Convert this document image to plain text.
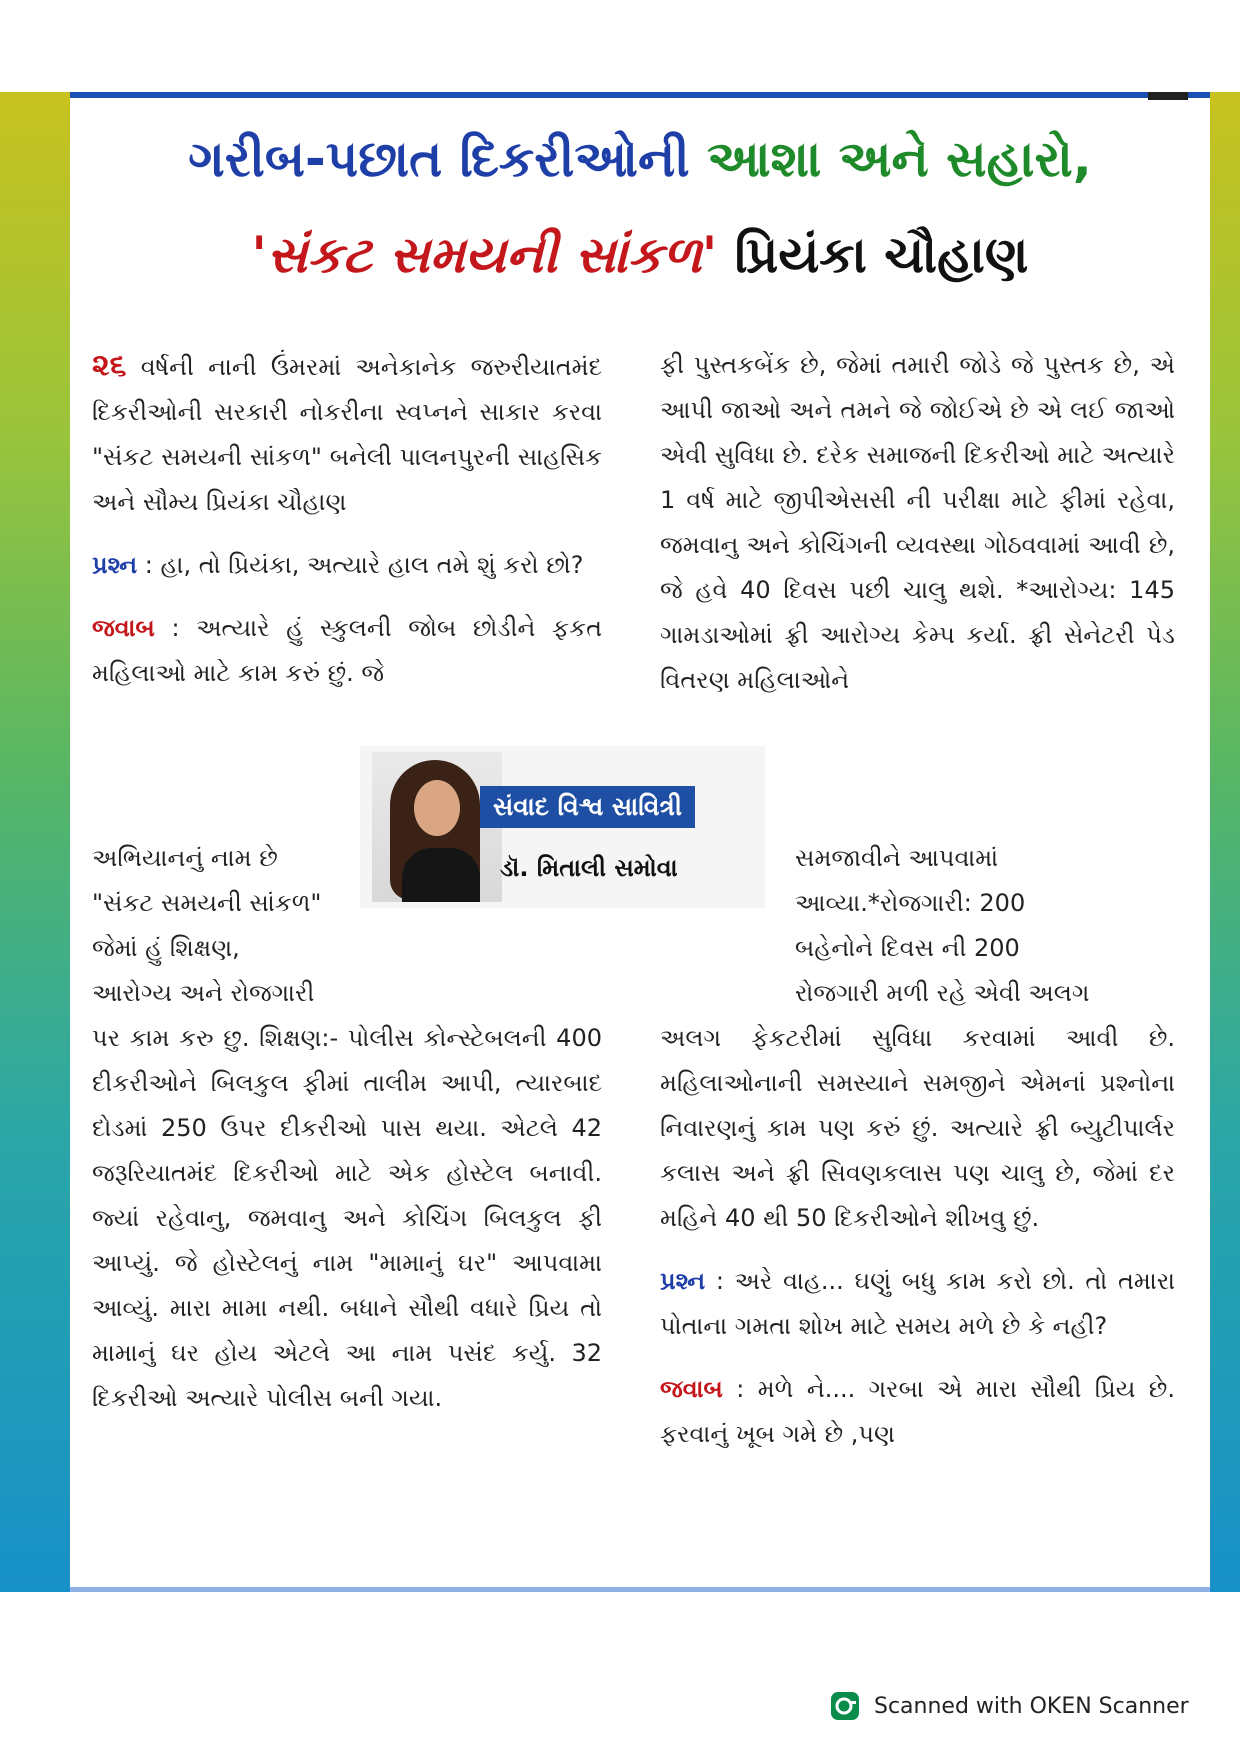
ગરીબ-પછાત દિકરીઓની આશા અને સહારો,
'સંકટ સમયની સાંકળ' પ્રિયંકા ચૌહાણ

૨૬ વર્ષની નાની ઉંમરમાં અનેકાનેક જરુરીયાતમંદ દિકરીઓની સરકારી નોકરીના સ્વપ્નને સાકાર કરવા "સંકટ સમયની સાંકળ" બનેલી પાલનપુરની સાહસિક અને સૌમ્ય પ્રિયંકા ચૌહાણ

પ્રશ્ન : હા, તો પ્રિયંકા, અત્યારે હાલ તમે શું કરો છો?

જવાબ : અત્યારે હું સ્કુલની જોબ છોડીને ફકત મહિલાઓ માટે કામ કરું છું. જે

અભિયાનનું નામ છે
"સંકટ સમયની સાંકળ"
જેમાં હું શિક્ષણ,
આરોગ્ય અને રોજગારી

પર કામ કરુ છુ. શિક્ષણ:- પોલીસ કોન્સ્ટેબલની 400 દીકરીઓને બિલકુલ ફીમાં તાલીમ આપી, ત્યારબાદ દોડમાં 250 ઉપર દીકરીઓ પાસ થયા. એટલે 42 જરૂરિયાતમંદ દિકરીઓ માટે એક હોસ્ટેલ બનાવી. જ્યાં રહેવાનુ, જમવાનુ અને કોચિંગ બિલકુલ ફી આપ્યું. જે હોસ્ટેલનું નામ "મામાનું ઘર" આપવામા આવ્યું. મારા મામા નથી. બધાને સૌથી વધારે પ્રિય તો મામાનું ઘર હોય એટલે આ નામ પસંદ કર્યુ. 32 દિકરીઓ અત્યારે પોલીસ બની ગયા.

ફી પુસ્તકબેંક છે, જેમાં તમારી જોડે જે પુસ્તક છે, એ આપી જાઓ અને તમને જે જોઈએ છે એ લઈ જાઓ એવી સુવિધા છે. દરેક સમાજની દિકરીઓ માટે અત્યારે 1 વર્ષ માટે જીપીએસસી ની પરીક્ષા માટે ફીમાં રહેવા, જમવાનુ અને કોચિંગની વ્યવસ્થા ગોઠવવામાં આવી છે, જે હવે 40 દિવસ પછી ચાલુ થશે. *આરોગ્ય: 145 ગામડાઓમાં ફ્રી આરોગ્ય કેમ્પ કર્યા. ફ્રી સેનેટરી પેડ વિતરણ મહિલાઓને

સંવાદ વિશ્વ સાવિત્રી
ડૉ. મિતાલી સમોવા	સમજાવીને આપવામાં
આવ્યા.*રોજગારી: 200
બહેનોને દિવસ ની 200
રોજગારી મળી રહે એવી અલગ

અલગ ફેકટરીમાં સુવિધા કરવામાં આવી છે. મહિલાઓનાની સમસ્યાને સમજીને એમનાં પ્રશ્નોના નિવારણનું કામ પણ કરું છું. અત્યારે ફ્રી બ્યુટીપાર્લર કલાસ અને ફ્રી સિવણકલાસ પણ ચાલુ છે, જેમાં દર મહિને 40 થી 50 દિકરીઓને શીખવુ છું.

પ્રશ્ન : અરે વાહ... ઘણું બધુ કામ કરો છો. તો તમારા પોતાના ગમતા શોખ માટે સમય મળે છે કે નહી?

જવાબ : મળે ને.... ગરબા એ મારા સૌથી પ્રિય છે. ફરવાનું ખૂબ ગમે છે ,પણ

Scanned with OKEN Scanner
